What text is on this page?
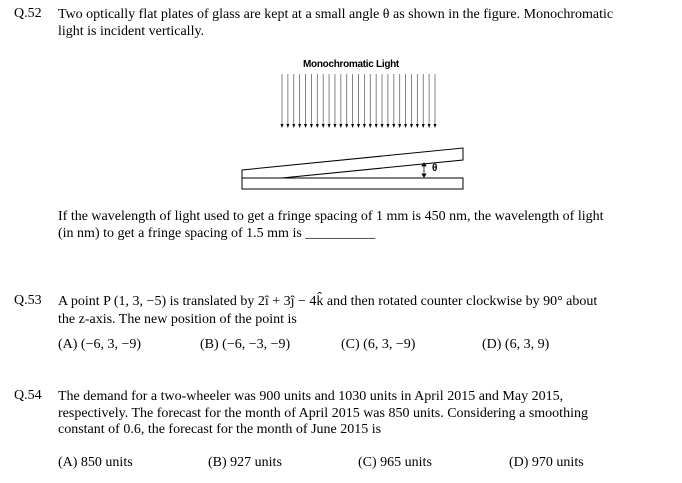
Q.52 Two optically flat plates of glass are kept at a small angle θ as shown in the figure. Monochromatic
light is incident vertically.
Monochromatic Light
θ
If the wavelength of light used to get a fringe spacing of 1 mm is 450 nm, the wavelength of light
(in nm) to get a fringe spacing of 1.5 mm is __________
Q.53 A point P (1, 3, −5) is translated by 2î + 3ĵ − 4k̂ and then rotated counter clockwise by 90° about
the z-axis. The new position of the point is
(A) (−6, 3, −9)	(B) (−6, −3, −9)	(C) (6, 3, −9)	(D) (6, 3, 9)
Q.54 The demand for a two-wheeler was 900 units and 1030 units in April 2015 and May 2015,
respectively. The forecast for the month of April 2015 was 850 units. Considering a smoothing
constant of 0.6, the forecast for the month of June 2015 is
(A) 850 units	(B) 927 units	(C) 965 units	(D) 970 units
